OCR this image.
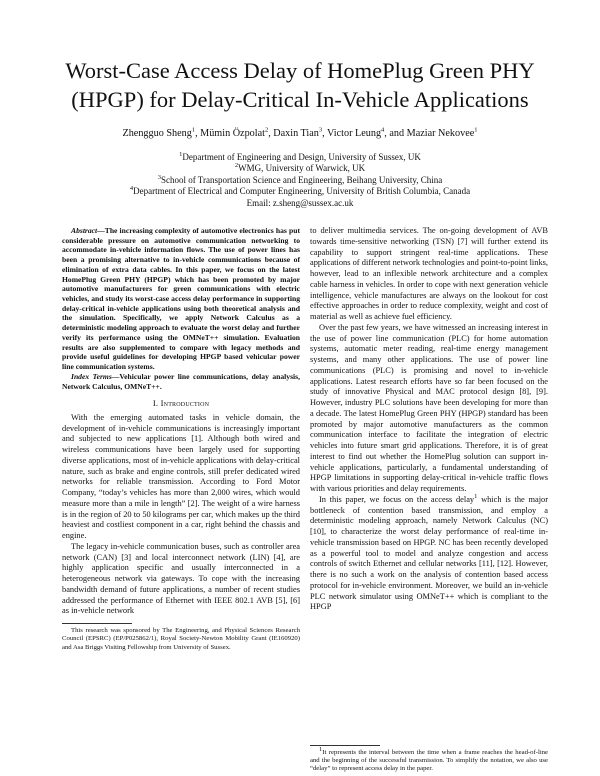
Worst-Case Access Delay of HomePlug Green PHY (HPGP) for Delay-Critical In-Vehicle Applications
Zhengguo Sheng$^1$, Mümin Özpolat$^2$, Daxin Tian$^3$, Victor Leung$^4$, and Maziar Nekovee$^1$
$^1$Department of Engineering and Design, University of Sussex, UK
$^2$WMG, University of Warwick, UK
$^3$School of Transportation Science and Engineering, Beihang University, China
$^4$Department of Electrical and Computer Engineering, University of British Columbia, Canada
Email: z.sheng@sussex.ac.uk

Abstract—The increasing complexity of automotive electronics has put considerable pressure on automotive communication networking to accommodate in-vehicle information flows. The use of power lines has been a promising alternative to in-vehicle communications because of elimination of extra data cables. In this paper, we focus on the latest HomePlug Green PHY (HPGP) which has been promoted by major automotive manufacturers for green communications with electric vehicles, and study its worst-case access delay performance in supporting delay-critical in-vehicle applications using both theoretical analysis and the simulation. Specifically, we apply Network Calculus as a deterministic modeling approach to evaluate the worst delay and further verify its performance using the OMNeT++ simulation. Evaluation results are also supplemented to compare with legacy methods and provide useful guidelines for developing HPGP based vehicular power line communication systems.

Index Terms—Vehicular power line communications, delay analysis, Network Calculus, OMNeT++.

I. Introduction

With the emerging automated tasks in vehicle domain, the development of in-vehicle communications is increasingly important and subjected to new applications [1]. Although both wired and wireless communications have been largely used for supporting diverse applications, most of in-vehicle applications with delay-critical nature, such as brake and engine controls, still prefer dedicated wired networks for reliable transmission. According to Ford Motor Company, “today’s vehicles has more than 2,000 wires, which would measure more than a mile in length” [2]. The weight of a wire harness is in the region of 20 to 50 kilograms per car, which makes up the third heaviest and costliest component in a car, right behind the chassis and engine.

The legacy in-vehicle communication buses, such as controller area network (CAN) [3] and local interconnect network (LIN) [4], are highly application specific and usually interconnected in a heterogeneous network via gateways. To cope with the increasing bandwidth demand of future applications, a number of recent studies addressed the performance of Ethernet with IEEE 802.1 AVB [5], [6] as in-vehicle network

This research was sponsored by The Engineering, and Physical Sciences Research Council (EPSRC) (EP/P025862/1), Royal Society-Newton Mobility Grant (IE160920) and Asa Briggs Visiting Fellowship from University of Sussex.

to deliver multimedia services. The on-going development of AVB towards time-sensitive networking (TSN) [7] will further extend its capability to support stringent real-time applications. These applications of different network technologies and point-to-point links, however, lead to an inflexible network architecture and a complex cable harness in vehicles. In order to cope with next generation vehicle intelligence, vehicle manufactures are always on the lookout for cost effective approaches in order to reduce complexity, weight and cost of material as well as achieve fuel efficiency.

Over the past few years, we have witnessed an increasing interest in the use of power line communication (PLC) for home automation systems, automatic meter reading, real-time energy management systems, and many other applications. The use of power line communications (PLC) is promising and novel to in-vehicle applications. Latest research efforts have so far been focused on the study of innovative Physical and MAC protocol design [8], [9]. However, industry PLC solutions have been developing for more than a decade. The latest HomePlug Green PHY (HPGP) standard has been promoted by major automotive manufacturers as the common communication interface to facilitate the integration of electric vehicles into future smart grid applications. Therefore, it is of great interest to find out whether the HomePlug solution can support in-vehicle applications, particularly, a fundamental understanding of HPGP limitations in supporting delay-critical in-vehicle traffic flows with various priorities and delay requirements.

In this paper, we focus on the access delay$^1$ which is the major bottleneck of contention based transmission, and employ a deterministic modeling approach, namely Network Calculus (NC) [10], to characterize the worst delay performance of real-time in-vehicle transmission based on HPGP. NC has been recently developed as a powerful tool to model and analyze congestion and access controls of switch Ethernet and cellular networks [11], [12]. However, there is no such a work on the analysis of contention based access protocol for in-vehicle environment. Moreover, we build an in-vehicle PLC network simulator using OMNeT++ which is compliant to the HPGP

$^1$It represents the interval between the time when a frame reaches the head-of-line and the beginning of the successful transmission. To simplify the notation, we also use “delay” to represent access delay in the paper.
